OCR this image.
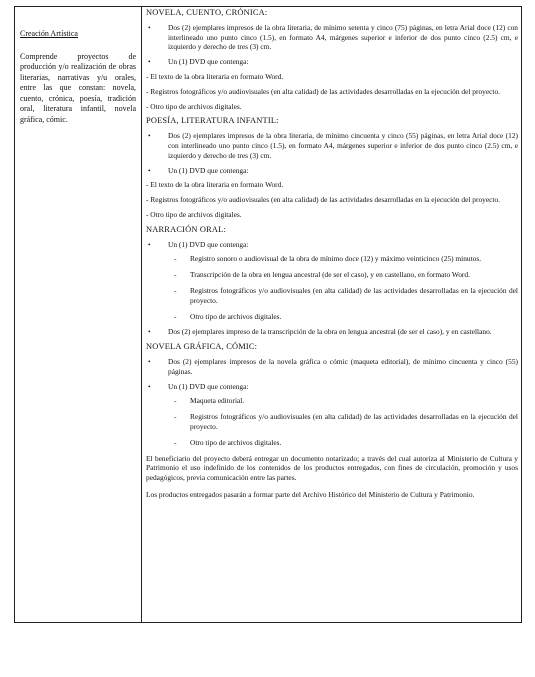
Creación Artística
Comprende proyectos de producción y/o realización de obras literarias, narrativas y/u orales, entre las que constan: novela, cuento, crónica, poesía, tradición oral, literatura infantil, novela gráfica, cómic.
NOVELA, CUENTO, CRÓNICA:
• Dos (2) ejemplares impresos de la obra literaria, de mínimo setenta y cinco (75) páginas, en letra Arial doce (12) con interlineado uno punto cinco (1.5), en formato A4, márgenes superior e inferior de dos punto cinco (2.5) cm, e izquierdo y derecho de tres (3) cm.
• Un (1) DVD que contenga:
- El texto de la obra literaria en formato Word.
- Registros fotográficos y/o audiovisuales (en alta calidad) de las actividades desarrolladas en la ejecución del proyecto.
- Otro tipo de archivos digitales.
POESÍA, LITERATURA INFANTIL:
• Dos (2) ejemplares impresos de la obra literaria, de mínimo cincuenta y cinco (55) páginas, en letra Arial doce (12) con interlineado uno punto cinco (1.5), en formato A4, márgenes superior e inferior de dos punto cinco (2.5) cm, e izquierdo y derecho de tres (3) cm.
• Un (1) DVD que contenga:
- El texto de la obra literaria en formato Word.
- Registros fotográficos y/o audiovisuales (en alta calidad) de las actividades desarrolladas en la ejecución del proyecto.
- Otro tipo de archivos digitales.
NARRACIÓN ORAL:
• Un (1) DVD que contenga:
- Registro sonoro o audiovisual de la obra de mínimo doce (12) y máximo veinticinco (25) minutos.
- Transcripción de la obra en lengua ancestral (de ser el caso), y en castellano, en formato Word.
- Registros fotográficos y/o audiovisuales (en alta calidad) de las actividades desarrolladas en la ejecución del proyecto.
- Otro tipo de archivos digitales.
• Dos (2) ejemplares impreso de la transcripción de la obra en lengua ancestral (de ser el caso), y en castellano.
NOVELA GRÁFICA, CÓMIC:
• Dos (2) ejemplares impresos de la novela gráfica o cómic (maqueta editorial), de mínimo cincuenta y cinco (55) páginas.
• Un (1) DVD que contenga:
- Maqueta editorial.
- Registros fotográficos y/o audiovisuales (en alta calidad) de las actividades desarrolladas en la ejecución del proyecto.
- Otro tipo de archivos digitales.
El beneficiario del proyecto deberá entregar un documento notarizado; a través del cual autoriza al Ministerio de Cultura y Patrimonio el uso indefinido de los contenidos de los productos entregados, con fines de circulación, promoción y usos pedagógicos, previa comunicación entre las partes.
Los productos entregados pasarán a formar parte del Archivo Histórico del Ministerio de Cultura y Patrimonio.
